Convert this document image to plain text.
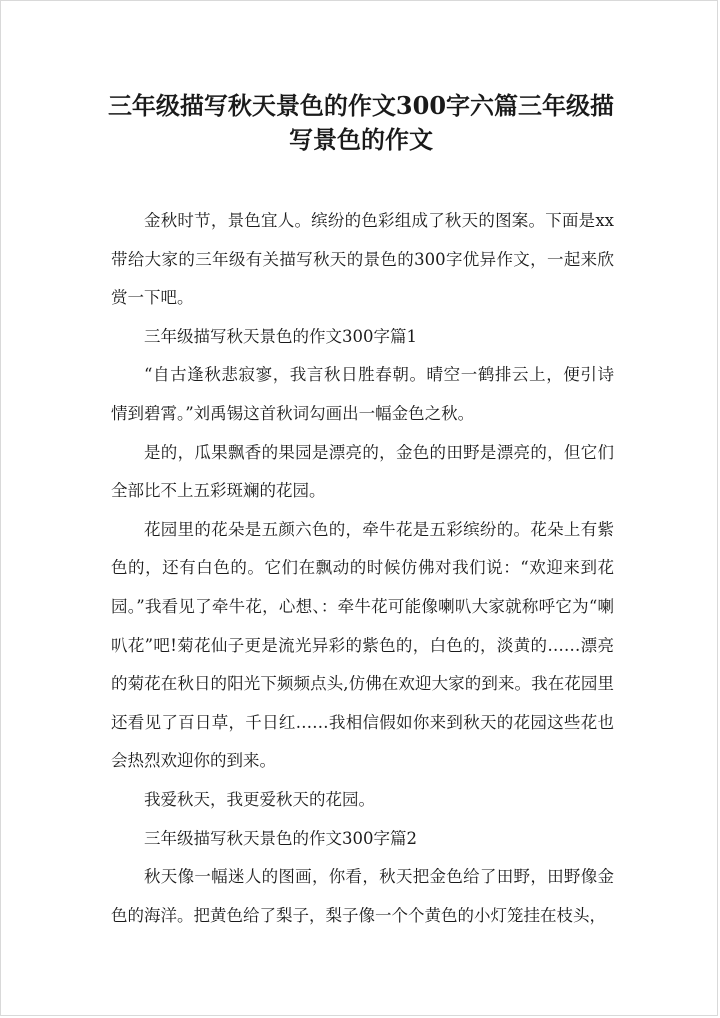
三年级描写秋天景色的作文300字六篇三年级描写景色的作文

金秋时节，景色宜人。缤纷的色彩组成了秋天的图案。下面是xx带给大家的三年级有关描写秋天的景色的300字优异作文，一起来欣赏一下吧。

三年级描写秋天景色的作文300字篇1

“自古逢秋悲寂寥，我言秋日胜春朝。晴空一鹤排云上，便引诗情到碧霄。”刘禹锡这首秋词勾画出一幅金色之秋。

是的，瓜果飘香的果园是漂亮的，金色的田野是漂亮的，但它们全部比不上五彩斑斓的花园。

花园里的花朵是五颜六色的，牵牛花是五彩缤纷的。花朵上有紫色的，还有白色的。它们在飘动的时候仿佛对我们说：“欢迎来到花园。”我看见了牵牛花，心想、：牵牛花可能像喇叭大家就称呼它为“喇叭花”吧!菊花仙子更是流光异彩的紫色的，白色的，淡黄的……漂亮的菊花在秋日的阳光下频频点头,仿佛在欢迎大家的到来。我在花园里还看见了百日草，千日红……我相信假如你来到秋天的花园这些花也会热烈欢迎你的到来。

我爱秋天，我更爱秋天的花园。

三年级描写秋天景色的作文300字篇2

秋天像一幅迷人的图画，你看，秋天把金色给了田野，田野像金色的海洋。把黄色给了梨子，梨子像一个个黄色的小灯笼挂在枝头，
